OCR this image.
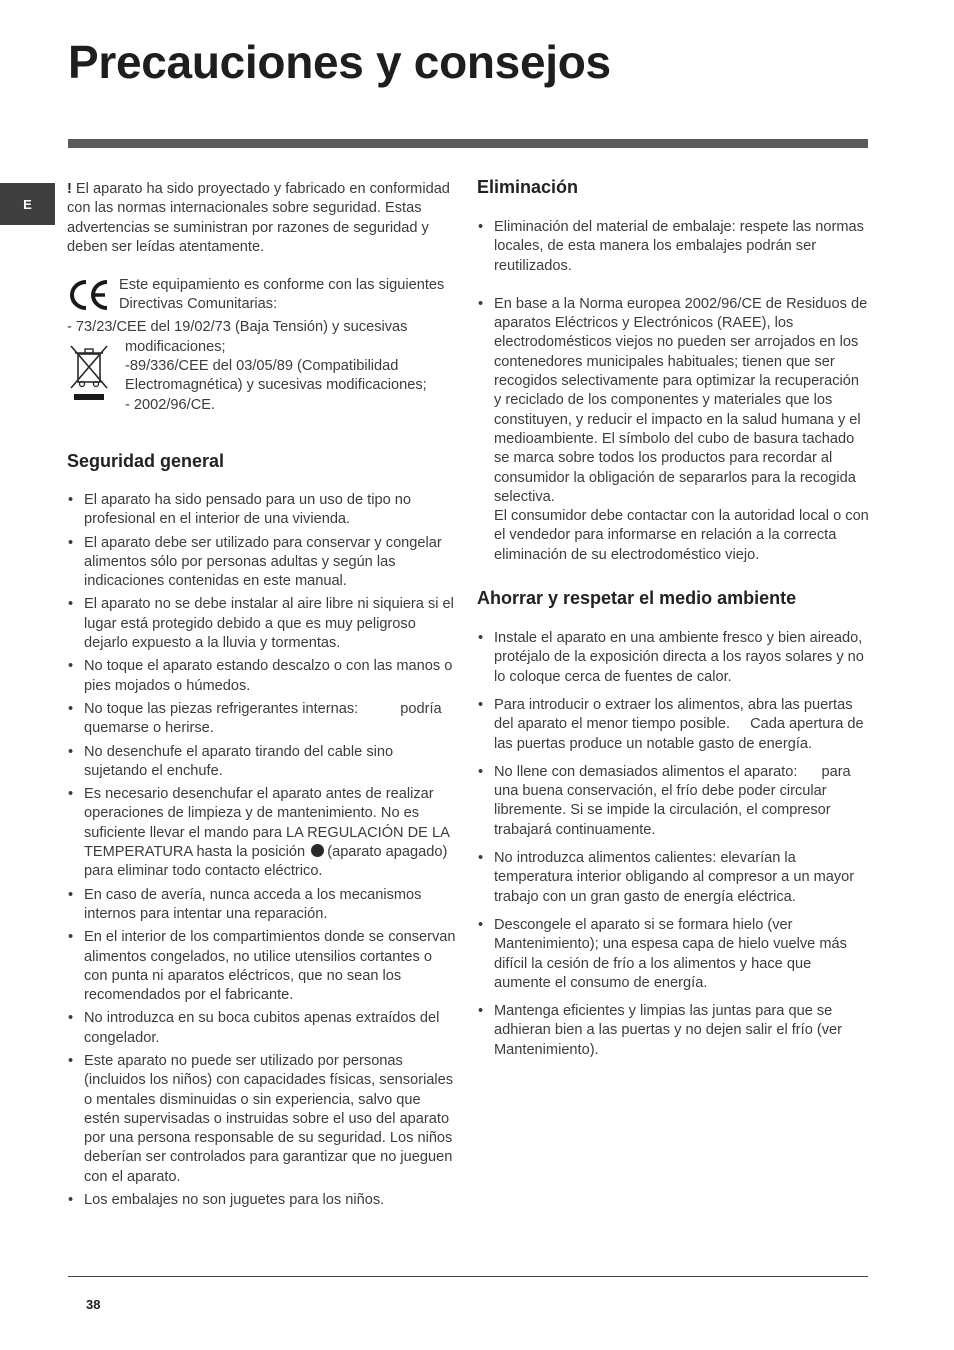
Precauciones y consejos
E

! El aparato ha sido proyectado y fabricado en conformidad con las normas internacionales sobre seguridad. Estas advertencias se suministran por razones de seguridad y deben ser leídas atentamente.

Este equipamiento es conforme con las siguientes Directivas Comunitarias:

- 73/23/CEE del 19/02/73 (Baja Tensión) y sucesivas

modificaciones;

-89/336/CEE del 03/05/89 (Compatibilidad Electromagnética) y sucesivas modificaciones;

- 2002/96/CE.

Seguridad general
• El aparato ha sido pensado para un uso de tipo no profesional en el interior de una vivienda.
• El aparato debe ser utilizado para conservar y congelar alimentos sólo por personas adultas y según las indicaciones contenidas en este manual.
• El aparato no se debe instalar al aire libre ni siquiera si el lugar está protegido debido a que es muy peligroso dejarlo expuesto a la lluvia y tormentas.
• No toque el aparato estando descalzo o con las manos o pies mojados o húmedos.
• No toque las piezas refrigerantes internas:	podría quemarse o herirse.
• No desenchufe el aparato tirando del cable sino sujetando el enchufe.
• Es necesario desenchufar el aparato antes de realizar operaciones de limpieza y de mantenimiento. No es suficiente llevar el mando para LA REGULACIÓN DE LA TEMPERATURA hasta la posición (aparato apagado) para eliminar todo contacto eléctrico.
• En caso de avería, nunca acceda a los mecanismos internos para intentar una reparación.
• En el interior de los compartimientos donde se conservan alimentos congelados, no utilice utensilios cortantes o con punta ni aparatos eléctricos, que no sean los recomendados por el fabricante.
• No introduzca en su boca cubitos apenas extraídos del congelador.
• Este aparato no puede ser utilizado por personas (incluidos los niños) con capacidades físicas, sensoriales o mentales disminuidas o sin experiencia, salvo que estén supervisadas o instruidas sobre el uso del aparato por una persona responsable de su seguridad. Los niños deberían ser controlados para garantizar que no jueguen con el aparato.
• Los embalajes no son juguetes para los niños.
Eliminación
• Eliminación del material de embalaje: respete las normas locales, de esta manera los embalajes podrán ser reutilizados.
• En base a la Norma europea 2002/96/CE de Residuos de aparatos Eléctricos y Electrónicos (RAEE), los electrodomésticos viejos no pueden ser arrojados en los contenedores municipales habituales; tienen que ser recogidos selectivamente para optimizar la recuperación y reciclado de los componentes y materiales que los constituyen, y reducir el impacto en la salud humana y el medioambiente. El símbolo del cubo de basura tachado se marca sobre todos los productos para recordar al consumidor la obligación de separarlos para la recogida selectiva.
El consumidor debe contactar con la autoridad local o con el vendedor para informarse en relación a la correcta eliminación de su electrodoméstico viejo.
Ahorrar y respetar el medio ambiente
• Instale el aparato en una ambiente fresco y bien aireado, protéjalo de la exposición directa a los rayos solares y no lo coloque cerca de fuentes de calor.
• Para introducir o extraer los alimentos, abra las puertas del aparato el menor tiempo posible. Cada apertura de las puertas produce un notable gasto de energía.
• No llene con demasiados alimentos el aparato: para una buena conservación, el frío debe poder circular libremente. Si se impide la circulación, el compresor trabajará continuamente.
• No introduzca alimentos calientes: elevarían la temperatura interior obligando al compresor a un mayor trabajo con un gran gasto de energía eléctrica.
• Descongele el aparato si se formara hielo (ver Mantenimiento); una espesa capa de hielo vuelve más difícil la cesión de frío a los alimentos y hace que aumente el consumo de energía.
• Mantenga eficientes y limpias las juntas para que se adhieran bien a las puertas y no dejen salir el frío (ver Mantenimiento).
38
